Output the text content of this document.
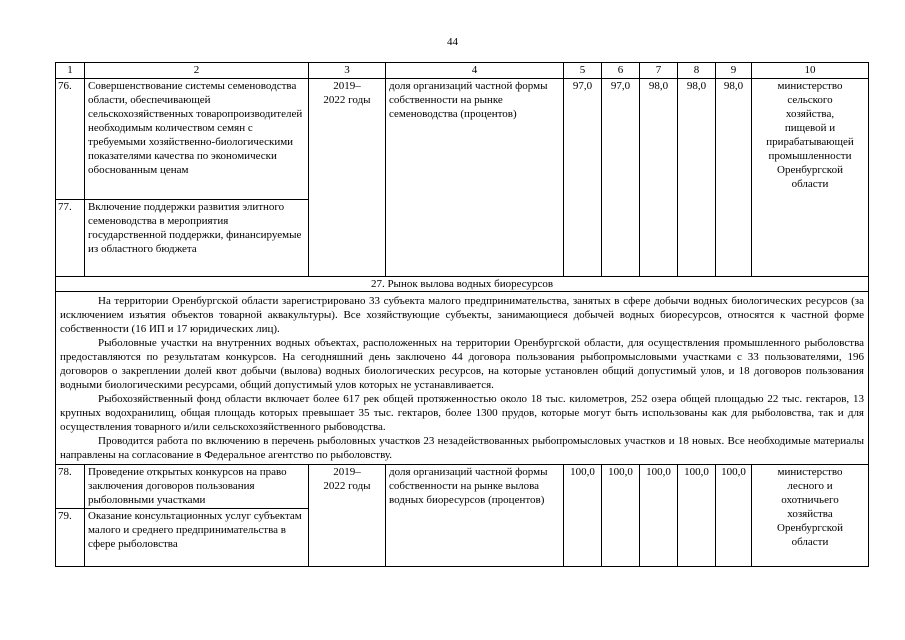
44
1	2	3	4	5	6	7	8	9	10
76.	Совершенствование системы семеноводства области, обеспечивающей сельскохозяйственных товаропроизводителей необходимым количеством семян с требуемыми хозяйственно-биологическими показателями качества по экономически обоснованным ценам	2019–
2022 годы	доля организаций частной формы собственности на рынке семеноводства (процентов)	97,0	97,0	98,0	98,0	98,0	министерство сельского хозяйства, пищевой и прирабатывающей промышленности Оренбургской области
77.	Включение поддержки развития элитного семеноводства в мероприятия государственной поддержки, финансируемые из областного бюджета								
27. Рынок вылова водных биоресурсов									

На территории Оренбургской области зарегистрировано 33 субъекта малого предпринимательства, занятых в сфере добычи водных биологических ресурсов (за исключением изъятия объектов товарной аквакультуры). Все хозяйствующие субъекты, занимающиеся добычей водных биоресурсов, относятся к частной форме собственности (16 ИП и 17 юридических лиц).

Рыболовные участки на внутренних водных объектах, расположенных на территории Оренбургской области, для осуществления промышленного рыболовства предоставляются по результатам конкурсов. На сегодняшний день заключено 44 договора пользования рыбопромысловыми участками с 33 пользователями, 196 договоров о закреплении долей квот добычи (вылова) водных биологических ресурсов, на которые установлен общий допустимый улов, и 18 договоров пользования водными биологическими ресурсами, общий допустимый улов которых не устанавливается.

Рыбохозяйственный фонд области включает более 617 рек общей протяженностью около 18 тыс. километров, 252 озера общей площадью 22 тыс. гектаров, 13 крупных водохранилищ, общая площадь которых превышает 35 тыс. гектаров, более 1300 прудов, которые могут быть использованы как для рыболовства, так и для осуществления товарного и/или сельскохозяйственного рыбоводства.

Проводится работа по включению в перечень рыболовных участков 23 незадействованных рыбопромысловых участков и 18 новых. Все необходимые материалы направлены на согласование в Федеральное агентство по рыболовству.									

78.	Проведение открытых конкурсов на право заключения договоров пользования рыболовными участками	2019–
2022 годы	доля организаций частной формы собственности на рынке вылова водных биоресурсов (процентов)	100,0	100,0	100,0	100,0	100,0	министерство лесного и охотничьего хозяйства Оренбургской области
79.	Оказание консультационных услуг субъектам малого и среднего предпринимательства в сфере рыболовства								
